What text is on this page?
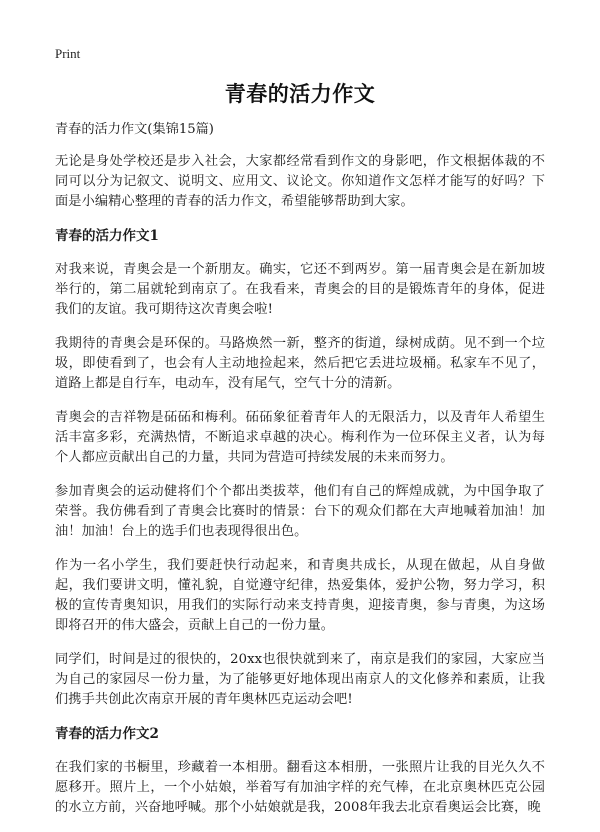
Print
青春的活力作文
青春的活力作文(集锦15篇)

无论是身处学校还是步入社会，大家都经常看到作文的身影吧，作文根据体裁的不同可以分为记叙文、说明文、应用文、议论文。你知道作文怎样才能写的好吗？下面是小编精心整理的青春的活力作文，希望能够帮助到大家。

青春的活力作文1

对我来说，青奥会是一个新朋友。确实，它还不到两岁。第一届青奥会是在新加坡举行的，第二届就轮到南京了。在我看来，青奥会的目的是锻炼青年的身体，促进我们的友谊。我可期待这次青奥会啦!

我期待的青奥会是环保的。马路焕然一新，整齐的街道，绿树成荫。见不到一个垃圾，即使看到了，也会有人主动地捡起来，然后把它丢进垃圾桶。私家车不见了，道路上都是自行车，电动车，没有尾气，空气十分的清新。

青奥会的吉祥物是砳砳和梅利。砳砳象征着青年人的无限活力，以及青年人希望生活丰富多彩，充满热情，不断追求卓越的决心。梅利作为一位环保主义者，认为每个人都应贡献出自己的力量，共同为营造可持续发展的未来而努力。

参加青奥会的运动健将们个个都出类拔萃，他们有自己的辉煌成就，为中国争取了荣誉。我仿佛看到了青奥会比赛时的情景：台下的观众们都在大声地喊着加油！加油！加油！台上的选手们也表现得很出色。

作为一名小学生，我们要赶快行动起来，和青奥共成长，从现在做起，从自身做起，我们要讲文明，懂礼貌，自觉遵守纪律，热爱集体，爱护公物，努力学习，积极的宣传青奥知识，用我们的实际行动来支持青奥，迎接青奥，参与青奥，为这场即将召开的伟大盛会，贡献上自己的一份力量。

同学们，时间是过的很快的，20xx也很快就到来了，南京是我们的家园，大家应当为自己的家园尽一份力量，为了能够更好地体现出南京人的文化修养和素质，让我们携手共创此次南京开展的青年奥林匹克运动会吧!

青春的活力作文2

在我们家的书橱里，珍藏着一本相册。翻看这本相册，一张照片让我的目光久久不愿移开。照片上，一个小姑娘，举着写有加油字样的充气棒，在北京奥林匹克公园的水立方前，兴奋地呼喊。那个小姑娘就是我，2008年我去北京看奥运会比赛，晚
